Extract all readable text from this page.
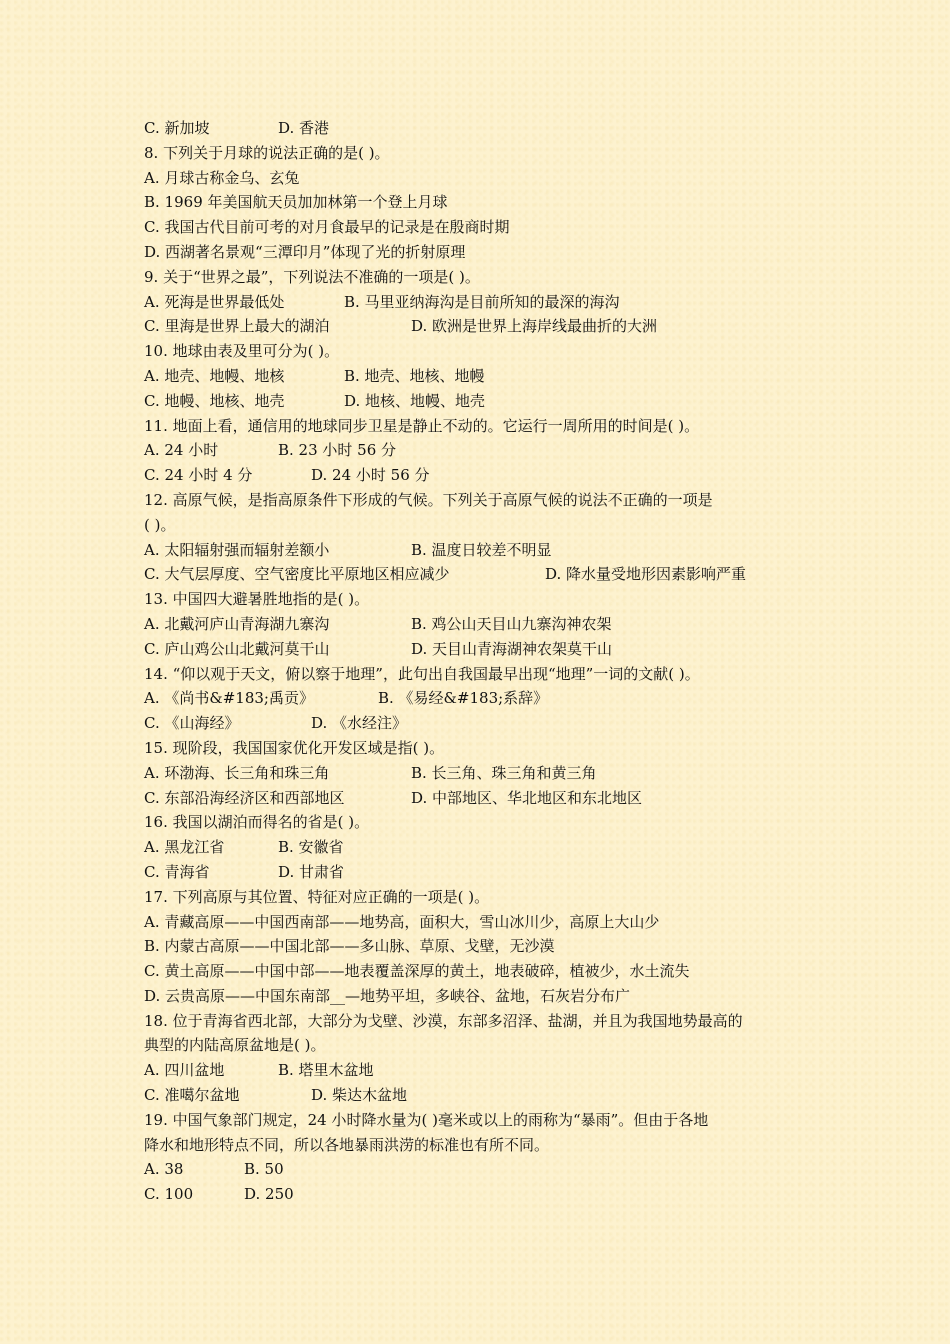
C. 新加坡	D. 香港
8. 下列关于月球的说法正确的是( )。
A. 月球古称金乌、玄兔
B. 1969 年美国航天员加加林第一个登上月球
C. 我国古代目前可考的对月食最早的记录是在殷商时期
D. 西湖著名景观“三潭印月”体现了光的折射原理
9. 关于“世界之最”，下列说法不准确的一项是( )。
A. 死海是世界最低处	B. 马里亚纳海沟是目前所知的最深的海沟
C. 里海是世界上最大的湖泊	D. 欧洲是世界上海岸线最曲折的大洲
10. 地球由表及里可分为( )。
A. 地壳、地幔、地核	B. 地壳、地核、地幔
C. 地幔、地核、地壳	D. 地核、地幔、地壳
11. 地面上看，通信用的地球同步卫星是静止不动的。它运行一周所用的时间是( )。
A. 24 小时	B. 23 小时 56 分
C. 24 小时 4 分	D. 24 小时 56 分
12. 高原气候，是指高原条件下形成的气候。下列关于高原气候的说法不正确的一项是
( )。
A. 太阳辐射强而辐射差额小	B. 温度日较差不明显
C. 大气层厚度、空气密度比平原地区相应减少	D. 降水量受地形因素影响严重
13. 中国四大避暑胜地指的是( )。
A. 北戴河庐山青海湖九寨沟	B. 鸡公山天目山九寨沟神农架
C. 庐山鸡公山北戴河莫干山	D. 天目山青海湖神农架莫干山
14. “仰以观于天文，俯以察于地理”，此句出自我国最早出现“地理”一词的文献( )。
A. 《尚书&#183;禹贡》	B. 《易经&#183;系辞》
C. 《山海经》	D. 《水经注》
15. 现阶段，我国国家优化开发区域是指( )。
A. 环渤海、长三角和珠三角	B. 长三角、珠三角和黄三角
C. 东部沿海经济区和西部地区	D. 中部地区、华北地区和东北地区
16. 我国以湖泊而得名的省是( )。
A. 黑龙江省	B. 安徽省
C. 青海省	D. 甘肃省
17. 下列高原与其位置、特征对应正确的一项是( )。
A. 青藏高原——中国西南部——地势高，面积大，雪山冰川少，高原上大山少
B. 内蒙古高原——中国北部——多山脉、草原、戈壁，无沙漠
C. 黄土高原——中国中部——地表覆盖深厚的黄土，地表破碎，植被少，水土流失
D. 云贵高原——中国东南部__—地势平坦，多峡谷、盆地，石灰岩分布广
18. 位于青海省西北部，大部分为戈壁、沙漠，东部多沼泽、盐湖，并且为我国地势最高的
典型的内陆高原盆地是( )。
A. 四川盆地	B. 塔里木盆地
C. 准噶尔盆地	D. 柴达木盆地
19. 中国气象部门规定，24 小时降水量为( )毫米或以上的雨称为“暴雨”。但由于各地
降水和地形特点不同，所以各地暴雨洪涝的标准也有所不同。
A. 38	B. 50
C. 100	D. 250
